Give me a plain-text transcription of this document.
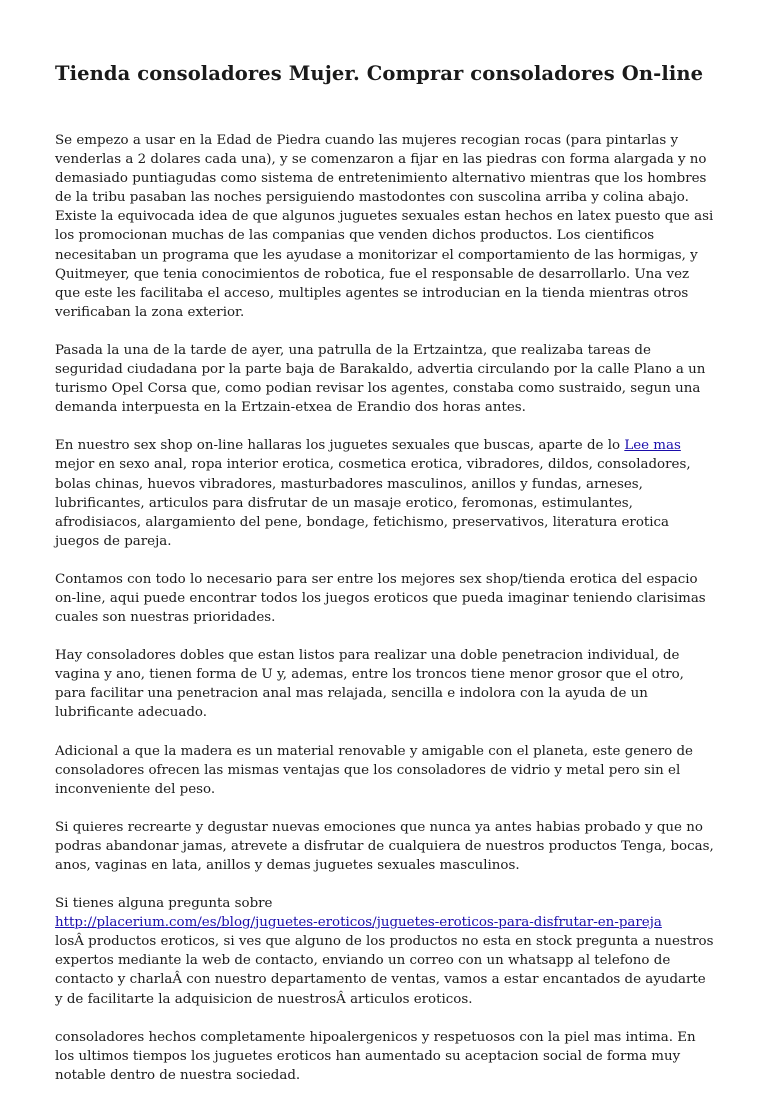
Tienda consoladores Mujer. Comprar consoladores On-line

Se empezo a usar en la Edad de Piedra cuando las mujeres recogian rocas (para pintarlas y venderlas a 2 dolares cada una), y se comenzaron a fijar en las piedras con forma alargada y no demasiado puntiagudas como sistema de entretenimiento alternativo mientras que los hombres de la tribu pasaban las noches persiguiendo mastodontes con suscolina arriba y colina abajo. Existe la equivocada idea de que algunos juguetes sexuales estan hechos en latex puesto que asi los promocionan muchas de las companias que venden dichos productos. Los cientificos necesitaban un programa que les ayudase a monitorizar el comportamiento de las hormigas, y Quitmeyer, que tenia conocimientos de robotica, fue el responsable de desarrollarlo. Una vez que este les facilitaba el acceso, multiples agentes se introducian en la tienda mientras otros verificaban la zona exterior.

Pasada la una de la tarde de ayer, una patrulla de la Ertzaintza, que realizaba tareas de seguridad ciudadana por la parte baja de Barakaldo, advertia circulando por la calle Plano a un turismo Opel Corsa que, como podian revisar los agentes, constaba como sustraido, segun una demanda interpuesta en la Ertzain-etxea de Erandio dos horas antes.

En nuestro sex shop on-line hallaras los juguetes sexuales que buscas, aparte de lo Lee mas mejor en sexo anal, ropa interior erotica, cosmetica erotica, vibradores, dildos, consoladores, bolas chinas, huevos vibradores, masturbadores masculinos, anillos y fundas, arneses, lubrificantes, articulos para disfrutar de un masaje erotico, feromonas, estimulantes, afrodisiacos, alargamiento del pene, bondage, fetichismo, preservativos, literatura erotica juegos de pareja.

Contamos con todo lo necesario para ser entre los mejores sex shop/tienda erotica del espacio on-line, aqui puede encontrar todos los juegos eroticos que pueda imaginar teniendo clarisimas cuales son nuestras prioridades.

Hay consoladores dobles que estan listos para realizar una doble penetracion individual, de vagina y ano, tienen forma de U y, ademas, entre los troncos tiene menor grosor que el otro, para facilitar una penetracion anal mas relajada, sencilla e indolora con la ayuda de un lubrificante adecuado.

Adicional a que la madera es un material renovable y amigable con el planeta, este genero de consoladores ofrecen las mismas ventajas que los consoladores de vidrio y metal pero sin el inconveniente del peso.

Si quieres recrearte y degustar nuevas emociones que nunca ya antes habias probado y que no podras abandonar jamas, atrevete a disfrutar de cualquiera de nuestros productos Tenga, bocas, anos, vaginas en lata, anillos y demas juguetes sexuales masculinos.

Si tienes alguna pregunta sobre
http://placerium.com/es/blog/juguetes-eroticos/juguetes-eroticos-para-disfrutar-en-pareja
losÂ productos eroticos, si ves que alguno de los productos no esta en stock pregunta a nuestros expertos mediante la web de contacto, enviando un correo con un whatsapp al telefono de contacto y charlaÂ con nuestro departamento de ventas, vamos a estar encantados de ayudarte y de facilitarte la adquisicion de nuestrosÂ articulos eroticos.

consoladores hechos completamente hipoalergenicos y respetuosos con la piel mas intima. En los ultimos tiempos los juguetes eroticos han aumentado su aceptacion social de forma muy notable dentro de nuestra sociedad.
